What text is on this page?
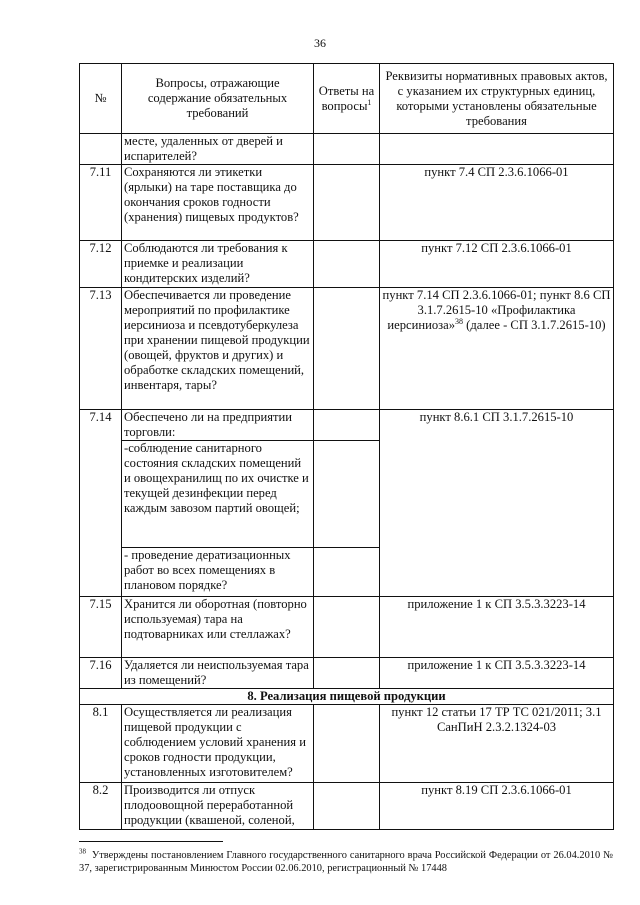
36
№	Вопросы, отражающие содержание обязательных требований	Ответы на вопросы$^1$	Реквизиты нормативных правовых актов, с указанием их структурных единиц, которыми установлены обязательные требования
	месте, удаленных от дверей и испарителей?		
7.11	Сохраняются ли этикетки (ярлыки) на таре поставщика до окончания сроков годности (хранения) пищевых продуктов?		пункт 7.4 СП 2.3.6.1066-01
7.12	Соблюдаются ли требования к приемке и реализации кондитерских изделий?		пункт 7.12 СП 2.3.6.1066-01
7.13	Обеспечивается ли проведение мероприятий по профилактике иерсиниоза и псевдотуберкулеза при хранении пищевой продукции (овощей, фруктов и других) и обработке складских помещений, инвентаря, тары?		пункт 7.14 СП 2.3.6.1066-01; пункт 8.6 СП 3.1.7.2615-10 «Профилактика иерсиниоза»$^{38}$ (далее - СП 3.1.7.2615-10)
7.14	Обеспечено ли на предприятии торговли:		пункт 8.6.1 СП 3.1.7.2615-10
	-соблюдение санитарного состояния складских помещений и овощехранилищ по их очистке и текущей дезинфекции перед каждым завозом партий овощей;		
	- проведение дератизационных работ во всех помещениях в плановом порядке?		
7.15	Хранится ли оборотная (повторно используемая) тара на подтоварниках или стеллажах?		приложение 1 к СП 3.5.3.3223-14
7.16	Удаляется ли неиспользуемая тара из помещений?		приложение 1 к СП 3.5.3.3223-14
8. Реализация пищевой продукции			
8.1	Осуществляется ли реализация пищевой продукции с соблюдением условий хранения и сроков годности продукции, установленных изготовителем?		пункт 12 статьи 17 ТР ТС 021/2011; 3.1 СанПиН 2.3.2.1324-03
8.2	Производится ли отпуск плодоовощной переработанной продукции (квашеной, соленой,		пункт 8.19 СП 2.3.6.1066-01
$^{38}$ Утверждены постановлением Главного государственного санитарного врача Российской Федерации от 26.04.2010 № 37, зарегистрированным Минюстом России 02.06.2010, регистрационный № 17448
